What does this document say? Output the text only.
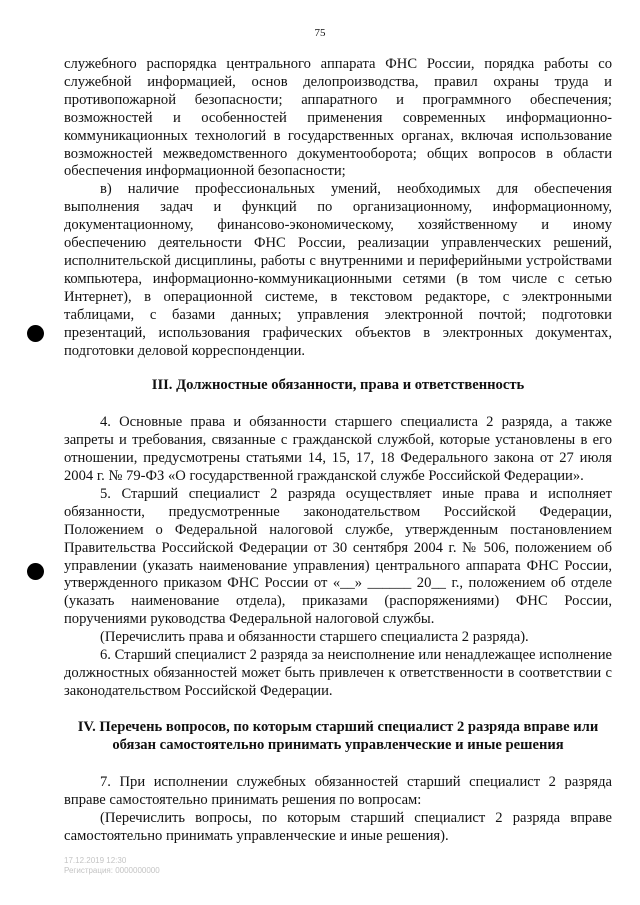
75

служебного распорядка центрального аппарата ФНС России, порядка работы со служебной информацией, основ делопроизводства, правил охраны труда и противопожарной безопасности; аппаратного и программного обеспечения; возможностей и особенностей применения современных информационно-коммуникационных технологий в государственных органах, включая использование возможностей межведомственного документооборота; общих вопросов в области обеспечения информационной безопасности;

в) наличие профессиональных умений, необходимых для обеспечения выполнения задач и функций по организационному, информационному, документационному, финансово-экономическому, хозяйственному и иному обеспечению деятельности ФНС России, реализации управленческих решений, исполнительской дисциплины, работы с внутренними и периферийными устройствами компьютера, информационно-коммуникационными сетями (в том числе с сетью Интернет), в операционной системе, в текстовом редакторе, с электронными таблицами, с базами данных; управления электронной почтой; подготовки презентаций, использования графических объектов в электронных документах, подготовки деловой корреспонденции.

III. Должностные обязанности, права и ответственность

4. Основные права и обязанности старшего специалиста 2 разряда, а также запреты и требования, связанные с гражданской службой, которые установлены в его отношении, предусмотрены статьями 14, 15, 17, 18 Федерального закона от 27 июля 2004 г. № 79-ФЗ «О государственной гражданской службе Российской Федерации».

5. Старший специалист 2 разряда осуществляет иные права и исполняет обязанности, предусмотренные законодательством Российской Федерации, Положением о Федеральной налоговой службе, утвержденным постановлением Правительства Российской Федерации от 30 сентября 2004 г. № 506, положением об управлении (указать наименование управления) центрального аппарата ФНС России, утвержденного приказом ФНС России от «__» ______ 20__ г., положением об отделе (указать наименование отдела), приказами (распоряжениями) ФНС России, поручениями руководства Федеральной налоговой службы.

(Перечислить права и обязанности старшего специалиста 2 разряда).

6. Старший специалист 2 разряда за неисполнение или ненадлежащее исполнение должностных обязанностей может быть привлечен к ответственности в соответствии с законодательством Российской Федерации.

IV. Перечень вопросов, по которым старший специалист 2 разряда вправе или обязан самостоятельно принимать управленческие и иные решения

7. При исполнении служебных обязанностей старший специалист 2 разряда вправе самостоятельно принимать решения по вопросам:

(Перечислить вопросы, по которым старший специалист 2 разряда вправе самостоятельно принимать управленческие и иные решения).

17.12.2019 12:30
Регистрация: 0000000000
